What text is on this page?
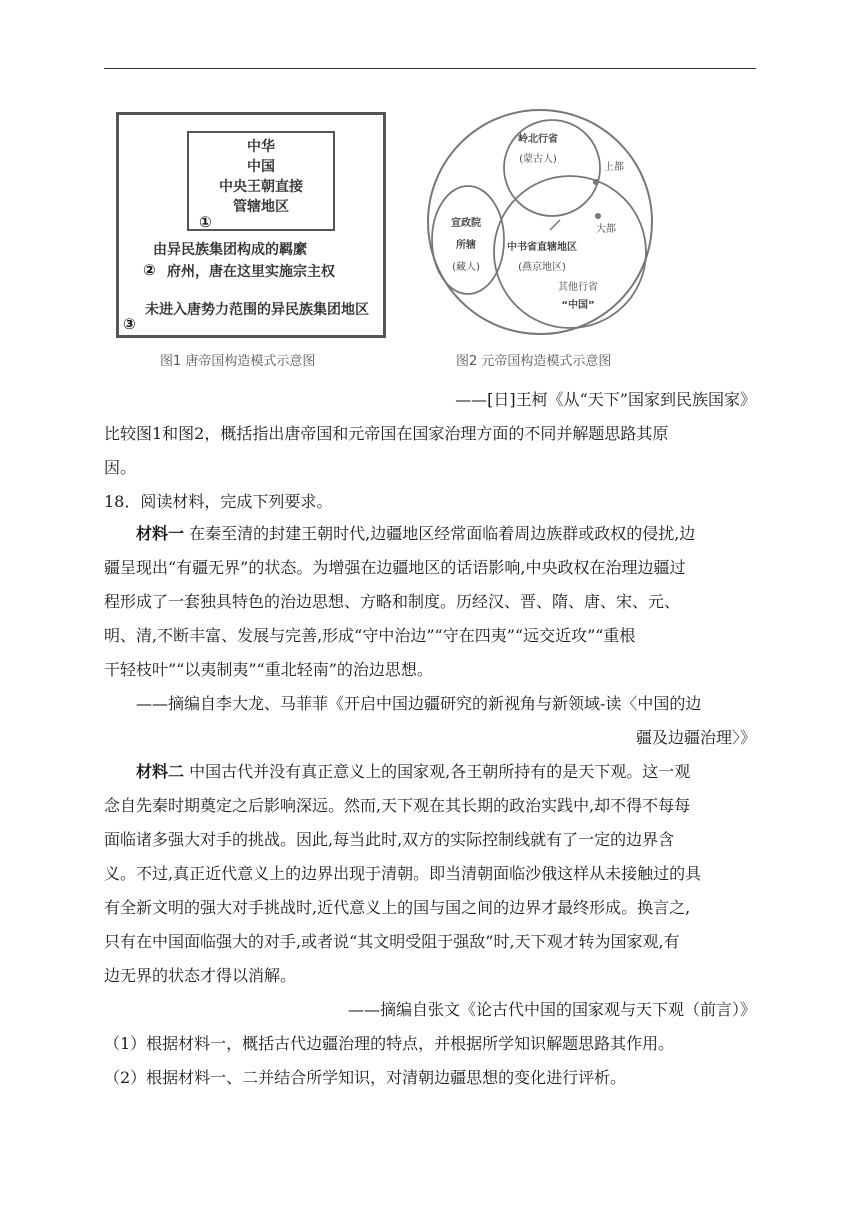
中华
中国
中央王朝直接
管辖地区
①
由异民族集团构成的羁縻
府州，唐在这里实施宗主权
②
未进入唐势力范围的异民族集团地区
③
图1 唐帝国构造模式示意图
岭北行省
(蒙古人)
上都
大都
宣政院
所辖
(藏人)
中书省直辖地区
(燕京地区)
其他行省
“中国”
图2 元帝国构造模式示意图
——[日]王柯《从“天下”国家到民族国家》
比较图1和图2，概括指出唐帝国和元帝国在国家治理方面的不同并解题思路其原
因。
18．阅读材料，完成下列要求。
材料一 在秦至清的封建王朝时代,边疆地区经常面临着周边族群或政权的侵扰,边
疆呈现出“有疆无界”的状态。为增强在边疆地区的话语影响,中央政权在治理边疆过
程形成了一套独具特色的治边思想、方略和制度。历经汉、晋、隋、唐、宋、元、
明、清,不断丰富、发展与完善,形成“守中治边”“守在四夷”“远交近攻”“重根
干轻枝叶”“以夷制夷”“重北轻南”的治边思想。
——摘编自李大龙、马菲菲《开启中国边疆研究的新视角与新领域-读〈中国的边
疆及边疆治理〉》
材料二 中国古代并没有真正意义上的国家观,各王朝所持有的是天下观。这一观
念自先秦时期奠定之后影响深远。然而,天下观在其长期的政治实践中,却不得不每每
面临诸多强大对手的挑战。因此,每当此时,双方的实际控制线就有了一定的边界含
义。不过,真正近代意义上的边界出现于清朝。即当清朝面临沙俄这样从未接触过的具
有全新文明的强大对手挑战时,近代意义上的国与国之间的边界才最终形成。换言之,
只有在中国面临强大的对手,或者说“其文明受阻于强敌”时,天下观才转为国家观,有
边无界的状态才得以消解。
——摘编自张文《论古代中国的国家观与天下观（前言）》
（1）根据材料一，概括古代边疆治理的特点，并根据所学知识解题思路其作用。
（2）根据材料一、二并结合所学知识，对清朝边疆思想的变化进行评析。
